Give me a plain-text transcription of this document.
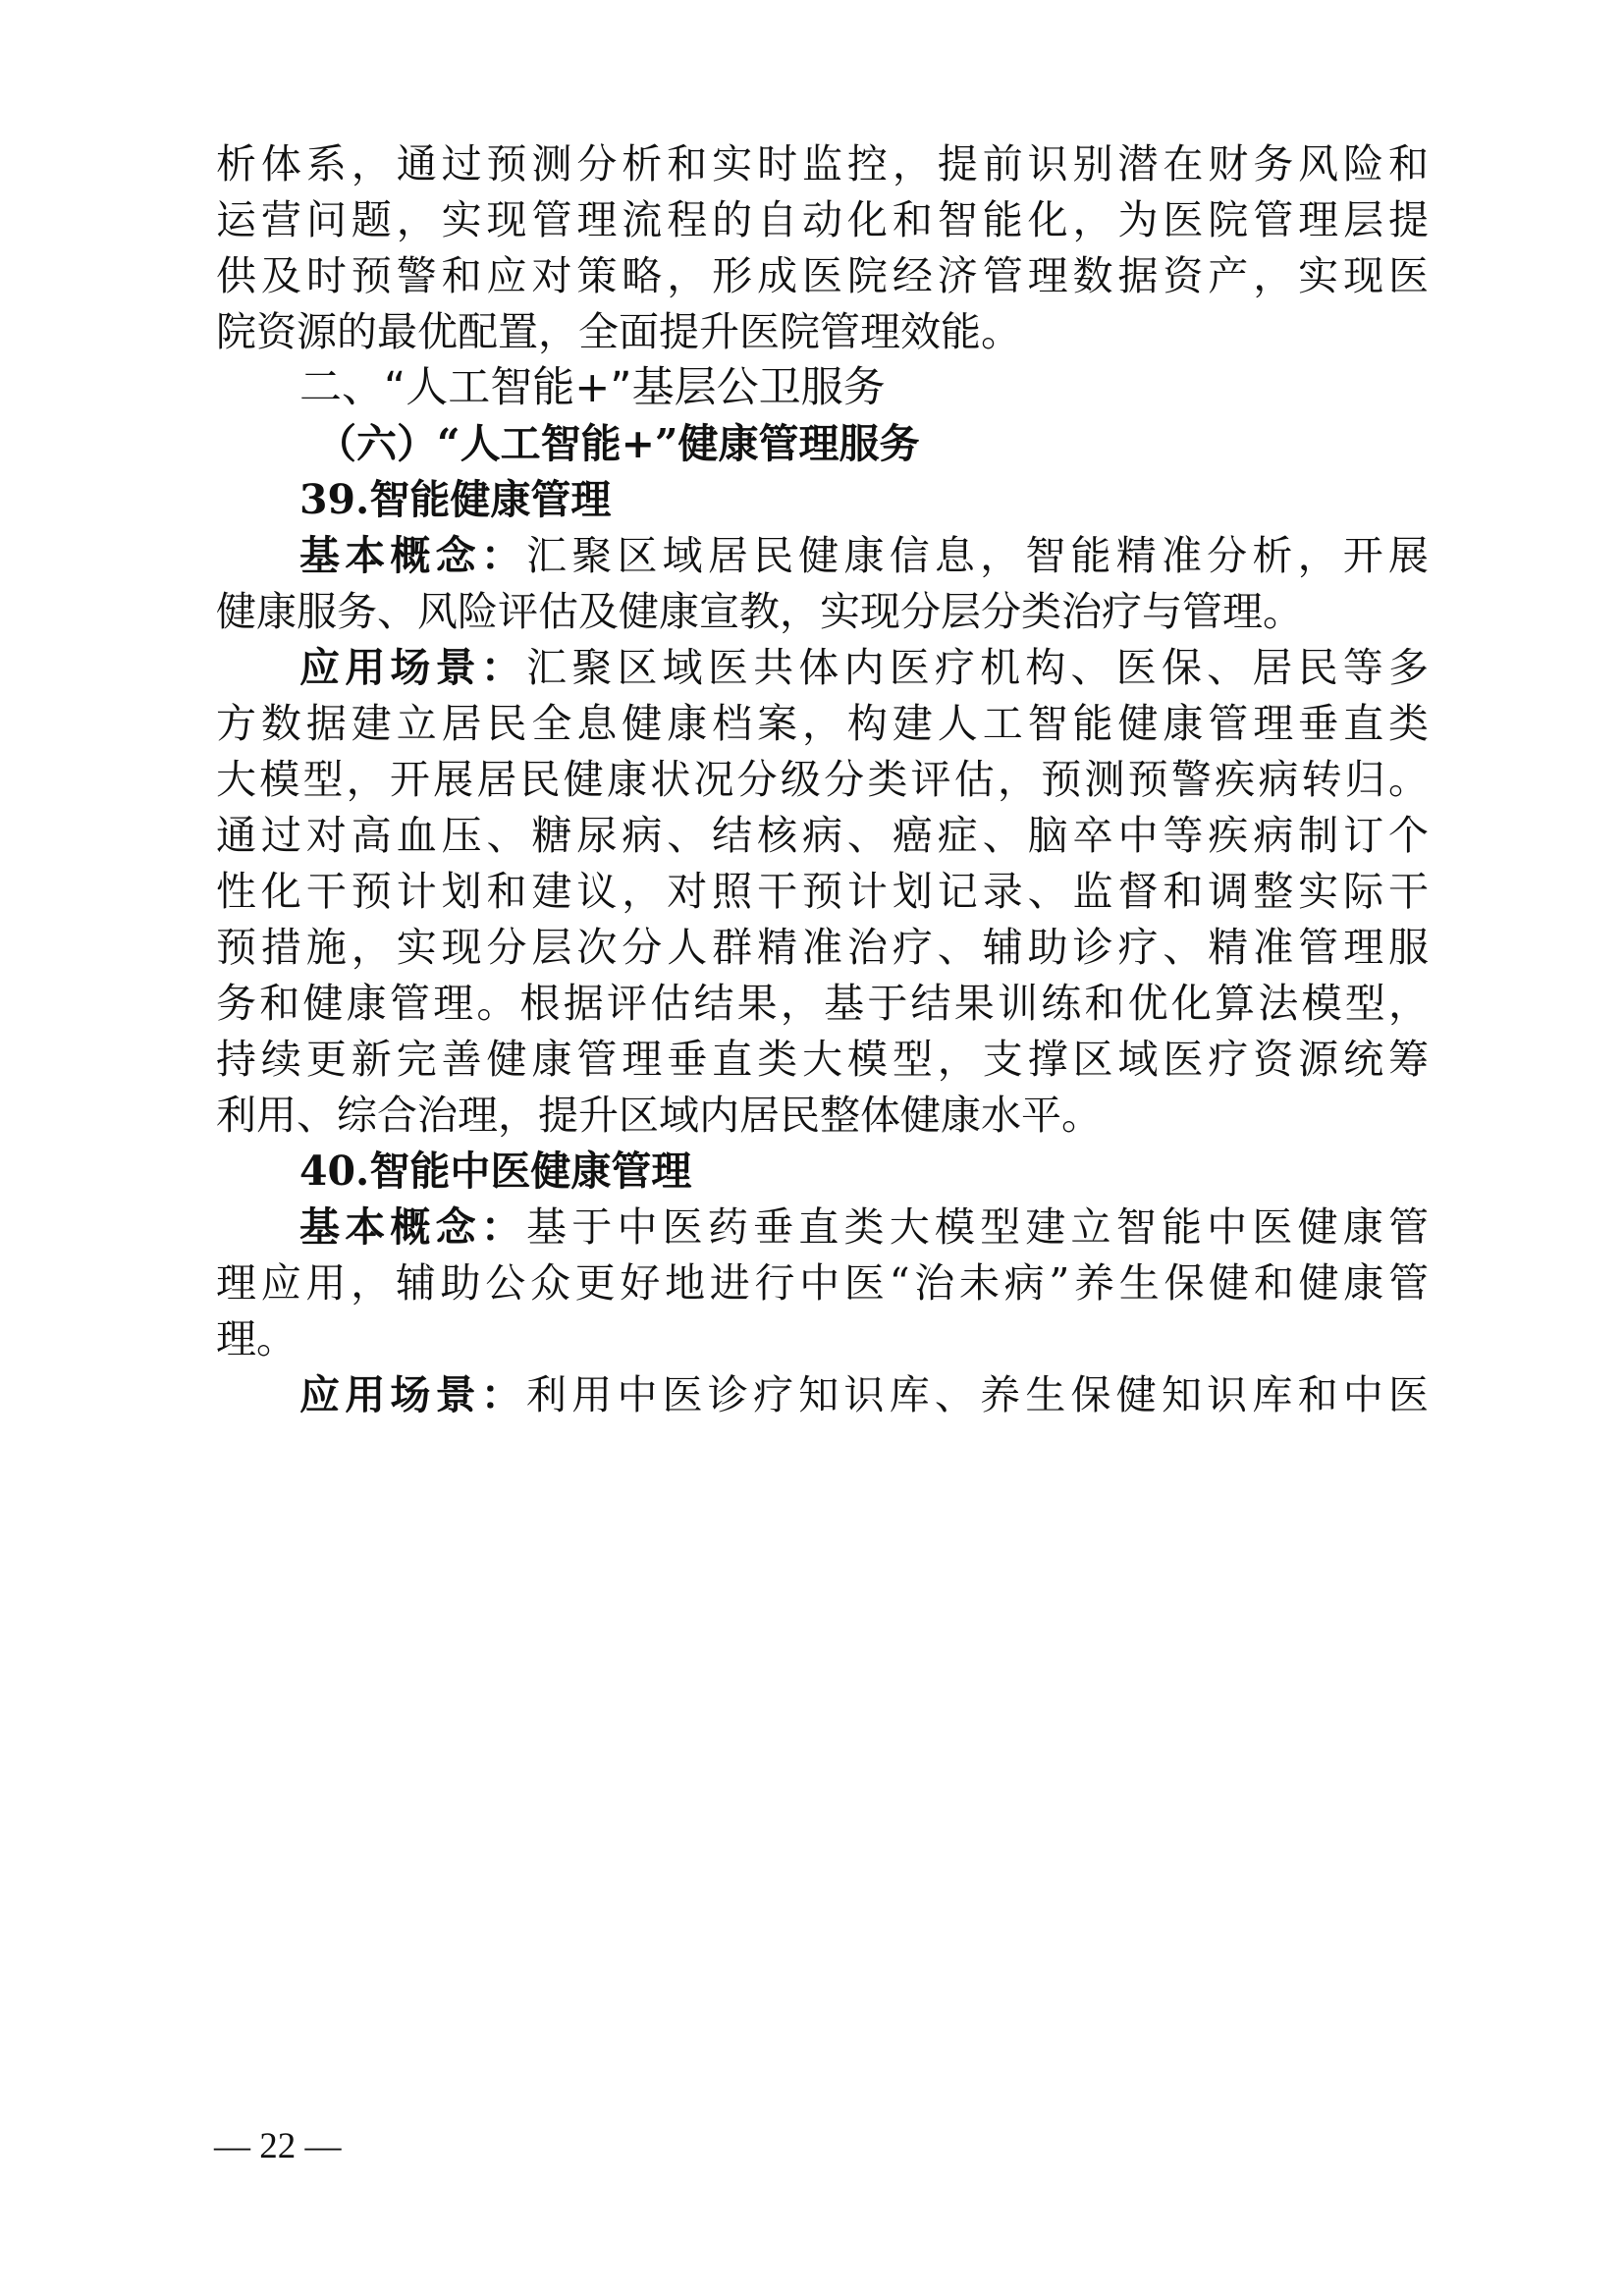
析体系，通过预测分析和实时监控，提前识别潜在财务风险和
运营问题，实现管理流程的自动化和智能化，为医院管理层提
供及时预警和应对策略，形成医院经济管理数据资产，实现医
院资源的最优配置，全面提升医院管理效能。
二、“人工智能+”基层公卫服务
（六）“人工智能+”健康管理服务
39.智能健康管理
基本概念：汇聚区域居民健康信息，智能精准分析，开展
健康服务、风险评估及健康宣教，实现分层分类治疗与管理。
应用场景：汇聚区域医共体内医疗机构、医保、居民等多
方数据建立居民全息健康档案，构建人工智能健康管理垂直类
大模型，开展居民健康状况分级分类评估，预测预警疾病转归。
通过对高血压、糖尿病、结核病、癌症、脑卒中等疾病制订个
性化干预计划和建议，对照干预计划记录、监督和调整实际干
预措施，实现分层次分人群精准治疗、辅助诊疗、精准管理服
务和健康管理。根据评估结果，基于结果训练和优化算法模型，
持续更新完善健康管理垂直类大模型，支撑区域医疗资源统筹
利用、综合治理，提升区域内居民整体健康水平。
40.智能中医健康管理
基本概念：基于中医药垂直类大模型建立智能中医健康管
理应用，辅助公众更好地进行中医“治未病”养生保健和健康管
理。
应用场景：利用中医诊疗知识库、养生保健知识库和中医
— 22 —
